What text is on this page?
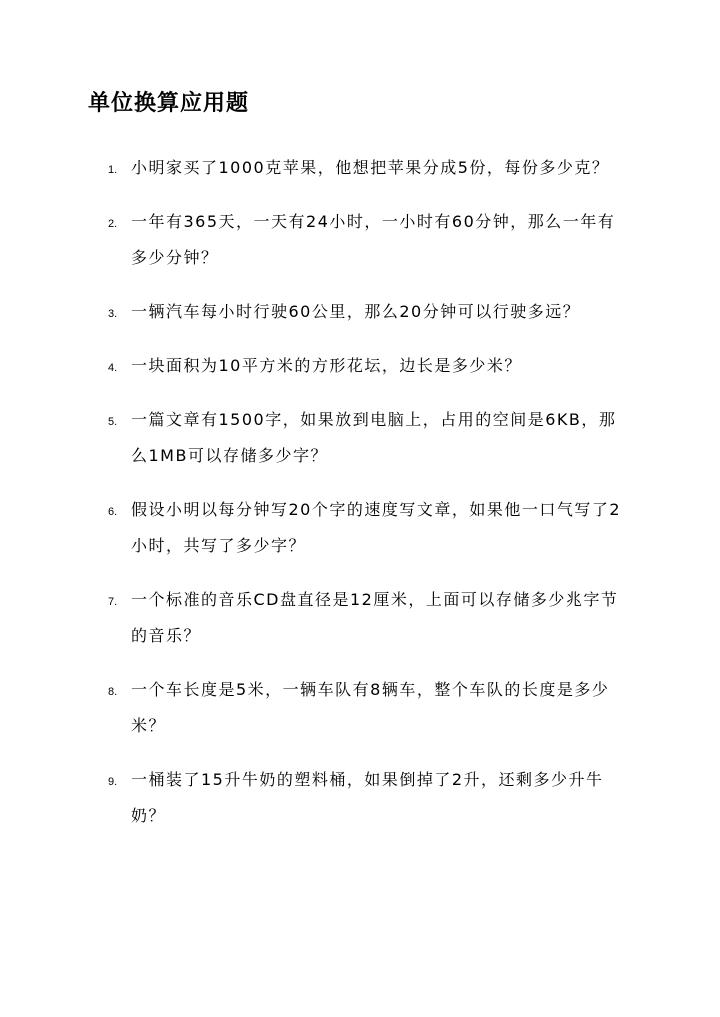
单位换算应用题
1. 小明家买了1000克苹果，他想把苹果分成5份，每份多少克？
2. 一年有365天，一天有24小时，一小时有60分钟，那么一年有多少分钟？
3. 一辆汽车每小时行驶60公里，那么20分钟可以行驶多远？
4. 一块面积为10平方米的方形花坛，边长是多少米？
5. 一篇文章有1500字，如果放到电脑上，占用的空间是6KB，那么1MB可以存储多少字？
6. 假设小明以每分钟写20个字的速度写文章，如果他一口气写了2小时，共写了多少字？
7. 一个标准的音乐CD盘直径是12厘米，上面可以存储多少兆字节的音乐？
8. 一个车长度是5米，一辆车队有8辆车，整个车队的长度是多少米？
9. 一桶装了15升牛奶的塑料桶，如果倒掉了2升，还剩多少升牛奶？
